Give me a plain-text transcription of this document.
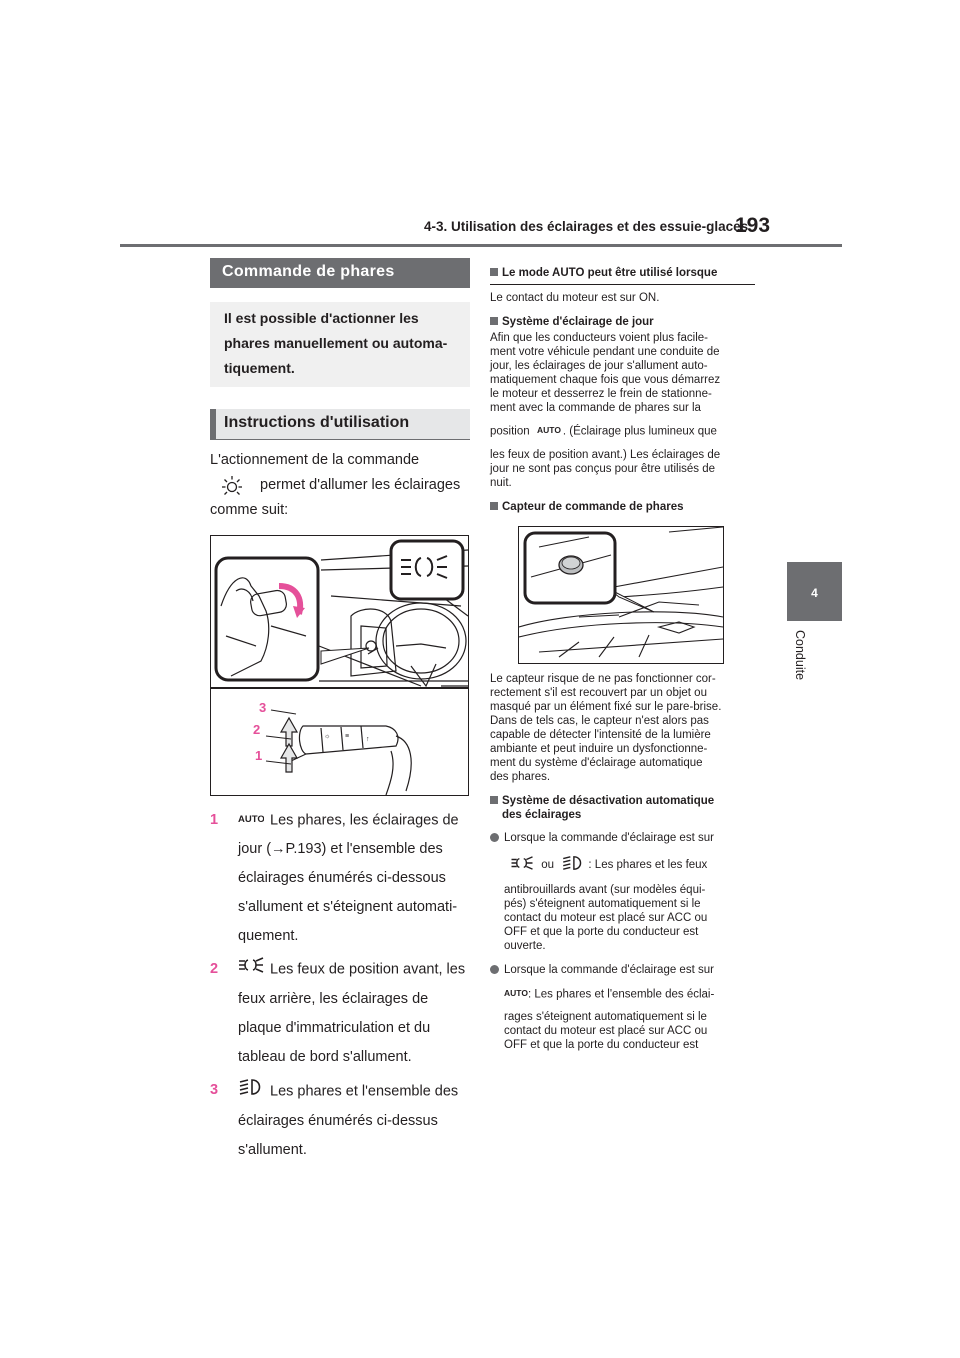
4-3. Utilisation des éclairages et des essuie-glaces
193
4
Conduite
Commande de phares
Il est possible d'actionner les phares manuellement ou automa-tiquement.
Instructions d'utilisation
L'actionnement de la commande
permet d'allumer les éclairages
comme suit:
☼ ≡ ↑
3
2
1
1 AUTO Les phares, les éclairages de

jour (→P.193) et l'ensemble des

éclairages énumérés ci-dessous

s'allument et s'éteignent automati-

quement.

2	Les feux de position avant, les

feux arrière, les éclairages de

plaque d'immatriculation et du

tableau de bord s'allument.

3	Les phares et l'ensemble des

éclairages énumérés ci-dessus

s'allument.

Le mode AUTO peut être utilisé lorsque
Le contact du moteur est sur ON.
Système d'éclairage de jour
Afin que les conducteurs voient plus facile-
ment votre véhicule pendant une conduite de
jour, les éclairages de jour s'allument auto-
matiquement chaque fois que vous démarrez
le moteur et desserrez le frein de stationne-
ment avec la commande de phares sur la
position AUTO . (Éclairage plus lumineux que
les feux de position avant.) Les éclairages de
jour ne sont pas conçus pour être utilisés de
nuit.
Capteur de commande de phares
Le capteur risque de ne pas fonctionner cor-
rectement s'il est recouvert par un objet ou
masqué par un élément fixé sur le pare-brise.
Dans de tels cas, le capteur n'est alors pas
capable de détecter l'intensité de la lumière
ambiante et peut induire un dysfonctionne-
ment du système d'éclairage automatique
des phares.
Système de désactivation automatique
des éclairages
Lorsque la commande d'éclairage est sur
ou	: Les phares et les feux
antibrouillards avant (sur modèles équi-
pés) s'éteignent automatiquement si le
contact du moteur est placé sur ACC ou
OFF et que la porte du conducteur est
ouverte.
Lorsque la commande d'éclairage est sur
AUTO : Les phares et l'ensemble des éclai-
rages s'éteignent automatiquement si le
contact du moteur est placé sur ACC ou
OFF et que la porte du conducteur est
